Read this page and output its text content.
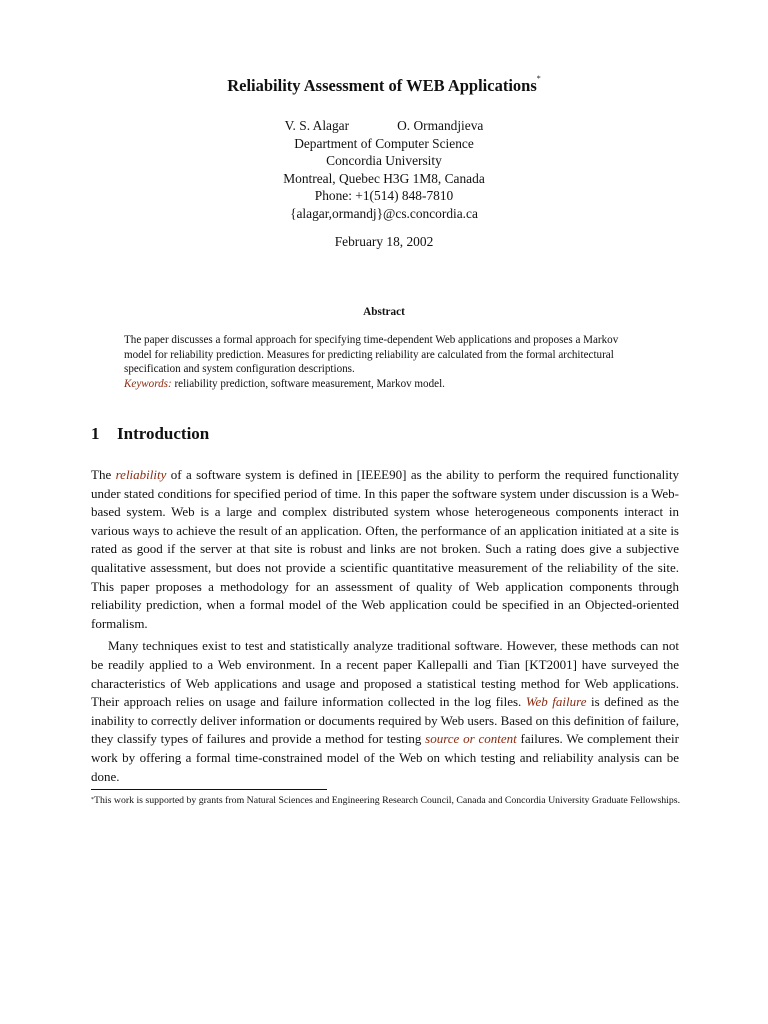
Reliability Assessment of WEB Applications*
V. S. Alagar	O. Ormandjieva
Department of Computer Science
Concordia University
Montreal, Quebec H3G 1M8, Canada
Phone: +1(514) 848-7810
{alagar,ormandj}@cs.concordia.ca
February 18, 2002
Abstract

The paper discusses a formal approach for specifying time-dependent Web applications and proposes a Markov model for reliability prediction. Measures for predicting reliability are calculated from the formal architectural specification and system configuration descriptions.

Keywords: reliability prediction, software measurement, Markov model.

1 Introduction

The reliability of a software system is defined in [IEEE90] as the ability to perform the required functionality under stated conditions for specified period of time. In this paper the software system under discussion is a Web-based system. Web is a large and complex distributed system whose heterogeneous components interact in various ways to achieve the result of an application. Often, the performance of an application initiated at a site is rated as good if the server at that site is robust and links are not broken. Such a rating does give a subjective qualitative assessment, but does not provide a scientific quantitative measurement of the reliability of the site. This paper proposes a methodology for an assessment of quality of Web application components through reliability prediction, when a formal model of the Web application could be specified in an Objected-oriented formalism.

Many techniques exist to test and statistically analyze traditional software. However, these methods can not be readily applied to a Web environment. In a recent paper Kallepalli and Tian [KT2001] have surveyed the characteristics of Web applications and usage and proposed a statistical testing method for Web applications. Their approach relies on usage and failure information collected in the log files. Web failure is defined as the inability to correctly deliver information or documents required by Web users. Based on this definition of failure, they classify types of failures and provide a method for testing source or content failures. We complement their work by offering a formal time-constrained model of the Web on which testing and reliability analysis can be done.

*This work is supported by grants from Natural Sciences and Engineering Research Council, Canada and Concordia University Graduate Fellowships.
